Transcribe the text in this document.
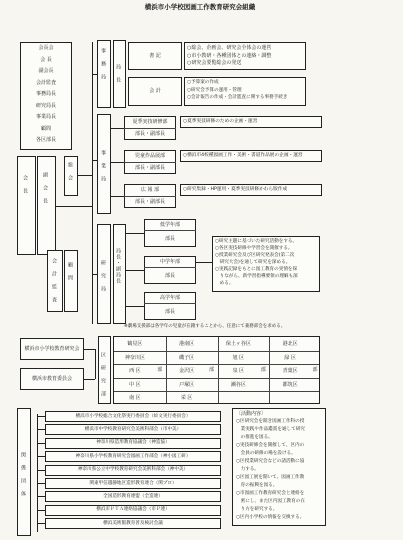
横浜市小学校図画工作教育研究会組織
会 長	副 会 長
総 会
会 計 監 査 顧 問
事 務 局 局 長
書 記
会 計
事 業 局
研 究 局 局長・副局長
※劇場支援部は各学年の児童が在籍することから、任意にて兼務部会を求める。
横浜市小学校教育研究会
横浜市教育委員会	区 研 究 部
鶴見区	港南区	保土ヶ谷区	港北区
神奈川区	磯子区	旭 区	緑 区
西 区	金沢区	泉 区	青葉区
中 区	戸塚区	瀬谷区	都筑区
南 区	栄 区
部	部	部	部
関 係 団 体
会長会
会 長
副会長
会計監査
事務局長
研究局長
事業局長
顧問
各区部長
○総会、企画会、研究会全体会の運営
○市小教研・各種団体との連絡・調整
○研究会要覧総会の発送
○予算案の作成
○研究会予算の運用・管理
○会計報告の作成・会計監査に関する事務手続き
夏季実技研修部
部長・副部長
○夏季実技研修のための企画・運営
児童作品展部
部長・副部長
○横浜市4校種図画工作・美術・書道作品展の企画・運営
広 報 部
部長・副部長
○研究集録・HP運用・夏季実技研修かわら版作成
低学年部
部長
中学年部
部長
高学年部
部長
○研究主題に基づいた研究活動をする。
○各区実技研修や学習会を開催する。
○授業研究会及び区研究発表会(第二次
　研究大会)を通して研究を深める。
○実践記録をもとに図工教育の実情を探
　りながら、新学習指導要領の理解も深
　める。
横浜市小学校総合文化祭実行委員会（絵文実行委員会）
横浜市中学校教育研究会美術科部会（市中美）
神奈川県造形教育協議会（神造協）
神奈川県小学校教育研究会図画工作部会（神小図工研）
神奈川県公立中学校教育研究会美術科部会（神中美）
関東甲信越静地区造形教育連合（関プロ）
全国造形教育連盟（全造連）
横浜市ＰＴＡ連絡協議会（市Ｐ連）
横浜美術館教育普及検討会議
〔活動内容〕
○区研究会を開き図画工作科の授
　業実践や作品鑑賞を通して研究
　の推進を図る。
○実技研修会を開催して、区内の
　会員の研修の場を設ける。
○区授業研究会などの諸活動に協
　力する。
○区図工展を開いて、図画工作教
　育の振興を図る。
○市図画工作教育研究会と連絡を
　密にし、また区内図工教育の在
　り方を研究する。
○区内小学校の情報を交換する。
